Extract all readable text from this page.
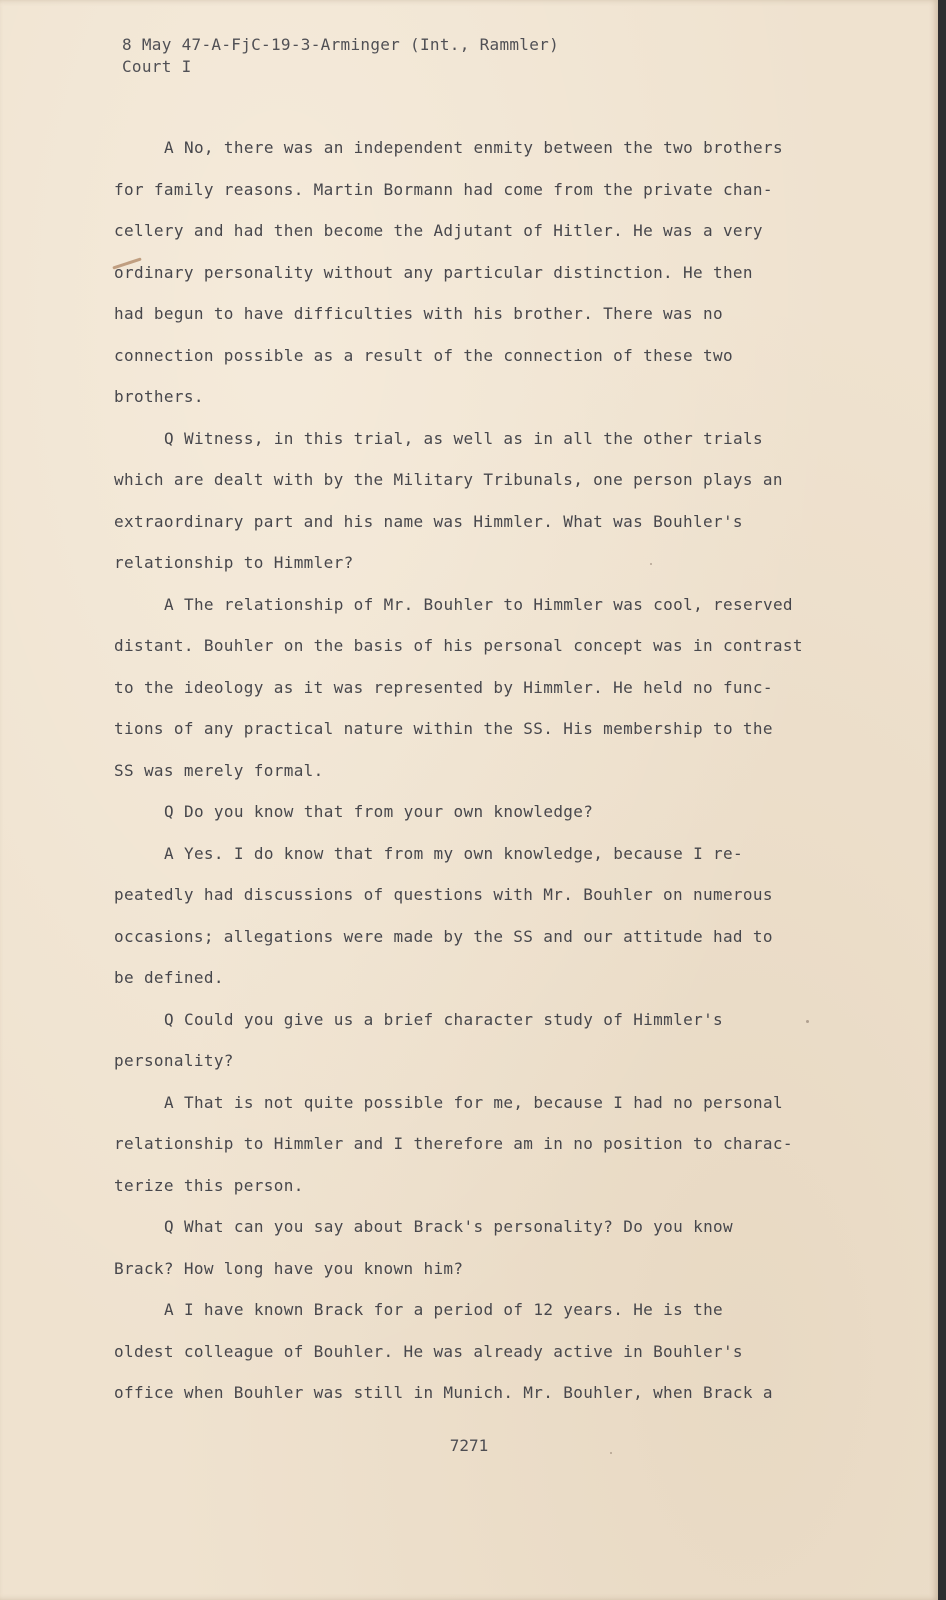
8 May 47-A-FjC-19-3-Arminger (Int., Rammler)
Court I
A No, there was an independent enmity between the two brothers
for family reasons. Martin Bormann had come from the private chan-
cellery and had then become the Adjutant of Hitler. He was a very
ordinary personality without any particular distinction. He then
had begun to have difficulties with his brother. There was no
connection possible as a result of the connection of these two
brothers.
Q Witness, in this trial, as well as in all the other trials
which are dealt with by the Military Tribunals, one person plays an
extraordinary part and his name was Himmler. What was Bouhler's
relationship to Himmler?
A The relationship of Mr. Bouhler to Himmler was cool, reserved
distant. Bouhler on the basis of his personal concept was in contrast
to the ideology as it was represented by Himmler. He held no func-
tions of any practical nature within the SS. His membership to the
SS was merely formal.
Q Do you know that from your own knowledge?
A Yes. I do know that from my own knowledge, because I re-
peatedly had discussions of questions with Mr. Bouhler on numerous
occasions; allegations were made by the SS and our attitude had to
be defined.
Q Could you give us a brief character study of Himmler's
personality?
A That is not quite possible for me, because I had no personal
relationship to Himmler and I therefore am in no position to charac-
terize this person.
Q What can you say about Brack's personality? Do you know
Brack? How long have you known him?
A I have known Brack for a period of 12 years. He is the
oldest colleague of Bouhler. He was already active in Bouhler's
office when Bouhler was still in Munich. Mr. Bouhler, when Brack a
7271
